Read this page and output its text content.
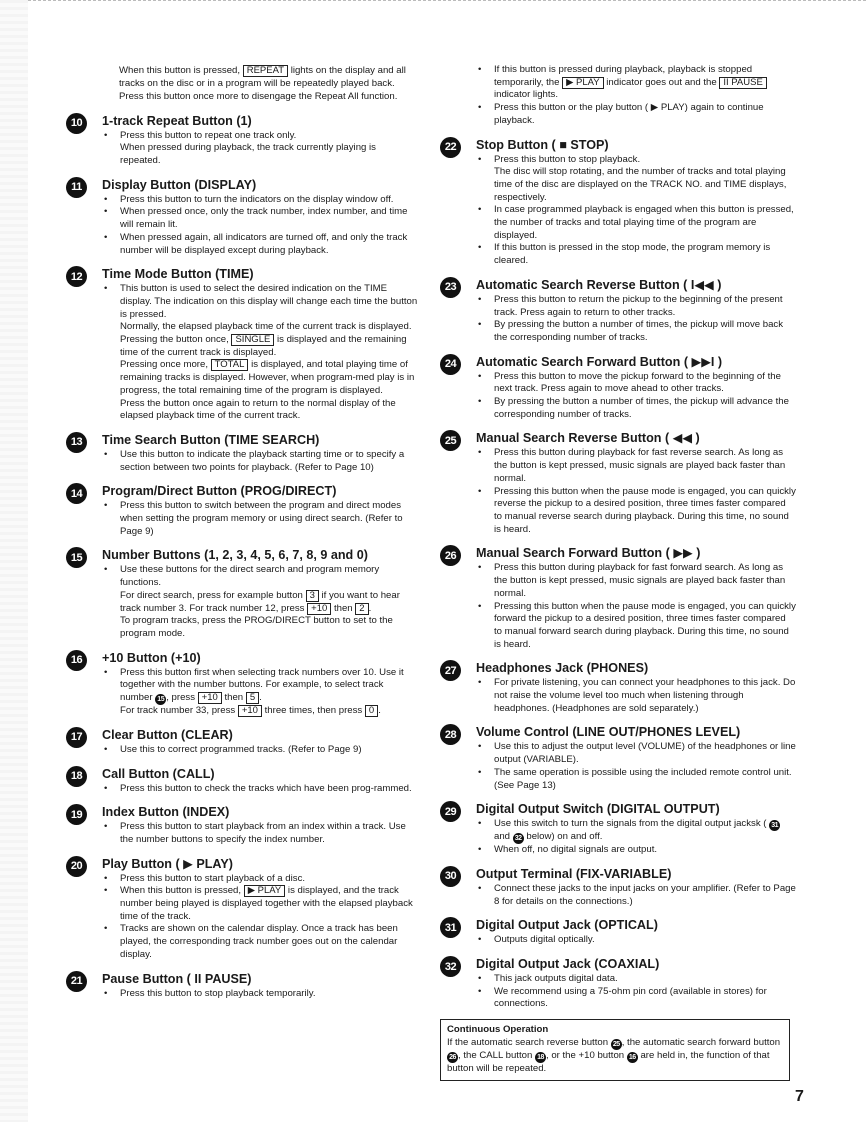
When this button is pressed, REPEAT lights on the display and all tracks on the disc or in a program will be repeatedly played back. Press this button once more to disengage the Repeat All function.

10	1-track Repeat Button (1)
• Press this button to repeat one track only.
When pressed during playback, the track currently playing is repeated.
11	Display Button (DISPLAY)
• Press this button to turn the indicators on the display window off.
• When pressed once, only the track number, index number, and time will remain lit.
• When pressed again, all indicators are turned off, and only the track number will be displayed except during playback.
12	Time Mode Button (TIME)
• This button is used to select the desired indication on the TIME display. The indication on this display will change each time the button is pressed.
Normally, the elapsed playback time of the current track is displayed.
Pressing the button once, SINGLE is displayed and the remaining time of the current track is displayed.
Pressing once more, TOTAL is displayed, and total playing time of remaining tracks is displayed. However, when program-med play is in progress, the total remaining time of the program is displayed.
Press the button once again to return to the normal display of the elapsed playback time of the current track.
13	Time Search Button (TIME SEARCH)
• Use this button to indicate the playback starting time or to specify a section between two points for playback. (Refer to Page 10)
14	Program/Direct Button (PROG/DIRECT)
• Press this button to switch between the program and direct modes when setting the program memory or using direct search. (Refer to Page 9)
15	Number Buttons (1, 2, 3, 4, 5, 6, 7, 8, 9 and 0)
• Use these buttons for the direct search and program memory functions.
For direct search, press for example button 3 if you want to hear track number 3. For track number 12, press +10 then 2 .
To program tracks, press the PROG/DIRECT button to set to the program mode.
16	+10 Button (+10)
• Press this button first when selecting track numbers over 10. Use it together with the number buttons. For example, to select track number 15 , press +10 then 5 .
For track number 33, press +10 three times, then press 0 .
17	Clear Button (CLEAR)
• Use this to correct programmed tracks. (Refer to Page 9)
18	Call Button (CALL)
• Press this button to check the tracks which have been prog-rammed.
19	Index Button (INDEX)
• Press this button to start playback from an index within a track. Use the number buttons to specify the index number.
20	Play Button ( ▶ PLAY)
• Press this button to start playback of a disc.
• When this button is pressed, ▶ PLAY is displayed, and the track number being played is displayed together with the elapsed playback time of the track.
• Tracks are shown on the calendar display. Once a track has been played, the corresponding track number goes out on the calendar display.
21	Pause Button ( II PAUSE)
• Press this button to stop playback temporarily.
• If this button is pressed during playback, playback is stopped temporarily, the ▶ PLAY indicator goes out and the II PAUSE indicator lights.
• Press this button or the play button ( ▶ PLAY) again to continue playback.
22	Stop Button ( ■ STOP)
• Press this button to stop playback.
The disc will stop rotating, and the number of tracks and total playing time of the disc are displayed on the TRACK NO. and TIME displays, respectively.
• In case programmed playback is engaged when this button is pressed, the number of tracks and total playing time of the program are displayed.
• If this button is pressed in the stop mode, the program memory is cleared.
23	Automatic Search Reverse Button ( I◀◀ )
• Press this button to return the pickup to the beginning of the present track. Press again to return to other tracks.
• By pressing the button a number of times, the pickup will move back the corresponding number of tracks.
24	Automatic Search Forward Button ( ▶▶I )
• Press this button to move the pickup forward to the beginning of the next track. Press again to move ahead to other tracks.
• By pressing the button a number of times, the pickup will advance the corresponding number of tracks.
25	Manual Search Reverse Button ( ◀◀ )
• Press this button during playback for fast reverse search. As long as the button is kept pressed, music signals are played back faster than normal.
• Pressing this button when the pause mode is engaged, you can quickly reverse the pickup to a desired position, three times faster compared to manual reverse search during playback. During this time, no sound is heard.
26	Manual Search Forward Button ( ▶▶ )
• Press this button during playback for fast forward search. As long as the button is kept pressed, music signals are played back faster than normal.
• Pressing this button when the pause mode is engaged, you can quickly forward the pickup to a desired position, three times faster compared to manual forward search during playback. During this time, no sound is heard.
27	Headphones Jack (PHONES)
• For private listening, you can connect your headphones to this jack. Do not raise the volume level too much when listening through headphones. (Headphones are sold separately.)
28	Volume Control (LINE OUT/PHONES LEVEL)
• Use this to adjust the output level (VOLUME) of the headphones or line output (VARIABLE).
• The same operation is possible using the included remote control unit. (See Page 13)
29	Digital Output Switch (DIGITAL OUTPUT)
• Use this switch to turn the signals from the digital output jacksk ( 31 and 32 below) on and off.
• When off, no digital signals are output.
30	Output Terminal (FIX-VARIABLE)
• Connect these jacks to the input jacks on your amplifier. (Refer to Page 8 for details on the connections.)
31	Digital Output Jack (OPTICAL)
• Outputs digital optically.
32	Digital Output Jack (COAXIAL)
• This jack outputs digital data.
• We recommend using a 75-ohm pin cord (available in stores) for connections.
Continuous Operation
If the automatic search reverse button 25 , the automatic search forward button 26 , the CALL button 18 , or the +10 button 16 are held in, the function of that button will be repeated.
7
